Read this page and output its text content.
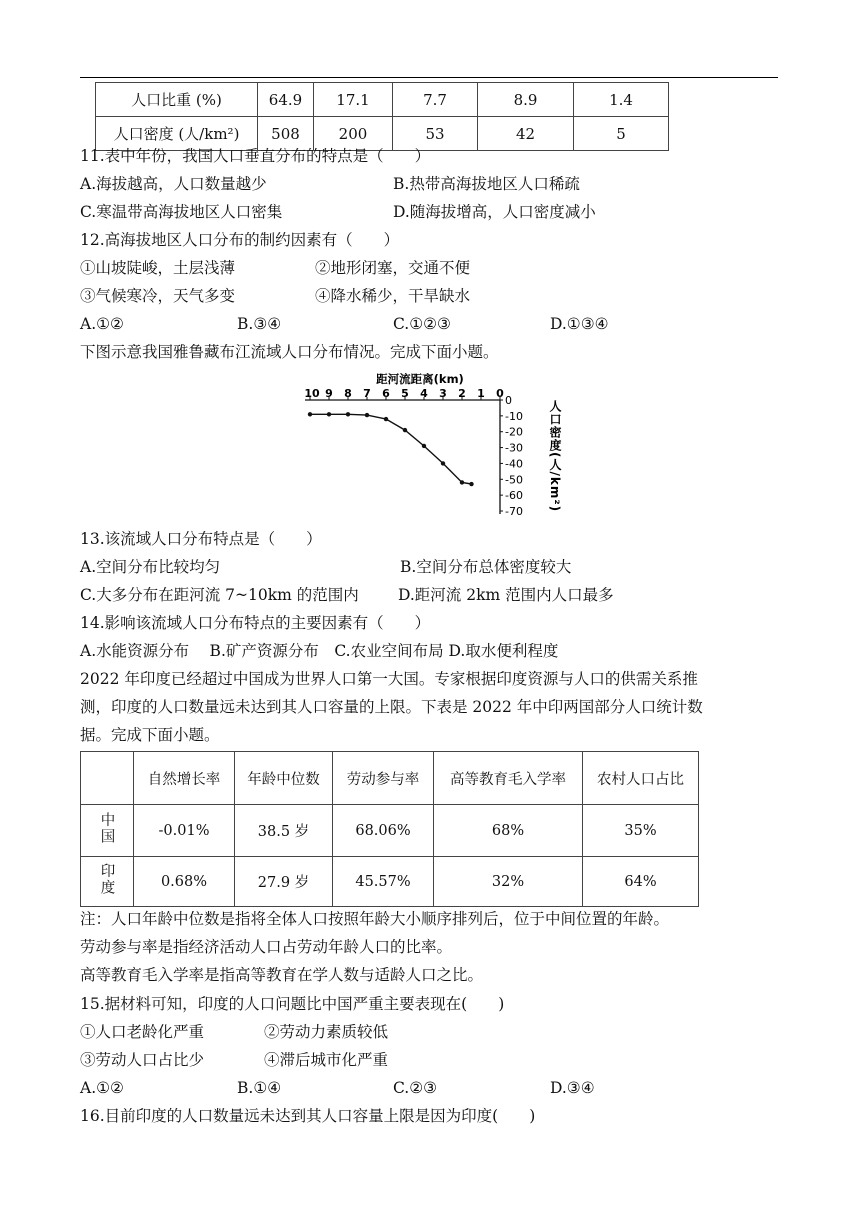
人口比重 (%)	64.9	17.1	7.7	8.9	1.4
人口密度 (人/km²)	508	200	53	42	5
11.表中年份，我国人口垂直分布的特点是（　　）
A.海拔越高，人口数量越少	B.热带高海拔地区人口稀疏
C.寒温带高海拔地区人口密集	D.随海拔增高，人口密度减小
12.高海拔地区人口分布的制约因素有（　　）
①山坡陡峻，土层浅薄	②地形闭塞，交通不便
③气候寒冷，天气多变	④降水稀少，干旱缺水
A.①②	B.③④	C.①②③	D.①③④
下图示意我国雅鲁藏布江流域人口分布情况。完成下面小题。
距河流距离(km)
10 9 8 7 6 5 4 3 2 1 0
0
-10
-20
-30
-40
-50
-60
-70 人口密度(人/km²)
13.该流域人口分布特点是（　　）
A.空间分布比较均匀	B.空间分布总体密度较大
C.大多分布在距河流 7~10km 的范围内	D.距河流 2km 范围内人口最多
14.影响该流域人口分布特点的主要因素有（　　）
A.水能资源分布　 B.矿产资源分布　C.农业空间布局 D.取水便利程度
2022 年印度已经超过中国成为世界人口第一大国。专家根据印度资源与人口的供需关系推
测，印度的人口数量远未达到其人口容量的上限。下表是 2022 年中印两国部分人口统计数
据。完成下面小题。
	自然增长率	年龄中位数	劳动参与率	高等教育毛入学率	农村人口占比
中国	-0.01%	38.5 岁	68.06%	68%	35%
印度	0.68%	27.9 岁	45.57%	32%	64%
注：人口年龄中位数是指将全体人口按照年龄大小顺序排列后，位于中间位置的年龄。
劳动参与率是指经济活动人口占劳动年龄人口的比率。
高等教育毛入学率是指高等教育在学人数与适龄人口之比。
15.据材料可知，印度的人口问题比中国严重主要表现在(　　)
①人口老龄化严重	②劳动力素质较低
③劳动人口占比少	④滞后城市化严重
A.①②	B.①④	C.②③	D.③④
16.目前印度的人口数量远未达到其人口容量上限是因为印度(　　)
